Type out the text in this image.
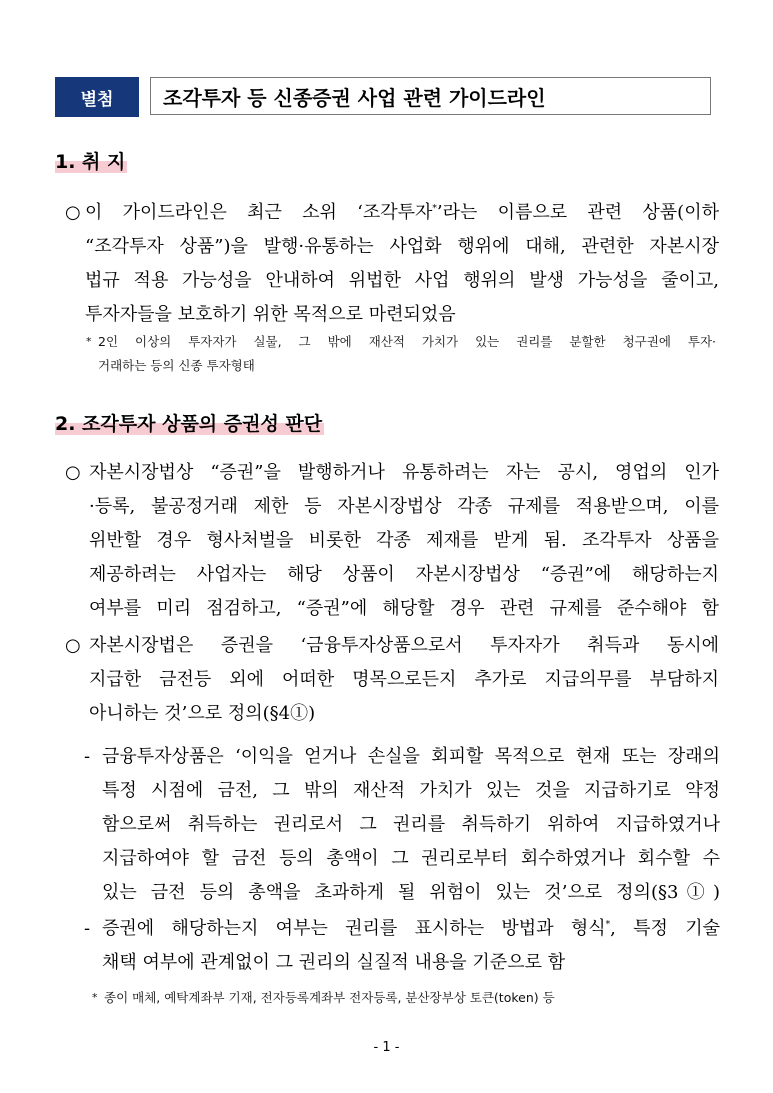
별첨	조각투자 등 신종증권 사업 관련 가이드라인
1. 취 지
○ 이 가이드라인은 최근 소위 ‘조각투자*’라는 이름으로 관련 상품(이하
“조각투자 상품”)을 발행·유통하는 사업화 행위에 대해, 관련한 자본시장
법규 적용 가능성을 안내하여 위법한 사업 행위의 발생 가능성을 줄이고,
투자자들을 보호하기 위한 목적으로 마련되었음
* 2인 이상의 투자자가 실물, 그 밖에 재산적 가치가 있는 권리를 분할한 청구권에 투자·
거래하는 등의 신종 투자형태
2. 조각투자 상품의 증권성 판단
○ 자본시장법상 “증권”을 발행하거나 유통하려는 자는 공시, 영업의 인가
·등록, 불공정거래 제한 등 자본시장법상 각종 규제를 적용받으며, 이를
위반할 경우 형사처벌을 비롯한 각종 제재를 받게 됨. 조각투자 상품을
제공하려는 사업자는 해당 상품이 자본시장법상 “증권”에 해당하는지
여부를 미리 점검하고, “증권”에 해당할 경우 관련 규제를 준수해야 함
○ 자본시장법은 증권을 ‘금융투자상품으로서 투자자가 취득과 동시에
지급한 금전등 외에 어떠한 명목으로든지 추가로 지급의무를 부담하지
아니하는 것’으로 정의(§4①)
- 금융투자상품은 ‘이익을 얻거나 손실을 회피할 목적으로 현재 또는 장래의
특정 시점에 금전, 그 밖의 재산적 가치가 있는 것을 지급하기로 약정
함으로써 취득하는 권리로서 그 권리를 취득하기 위하여 지급하였거나
지급하여야 할 금전 등의 총액이 그 권리로부터 회수하였거나 회수할 수
있는 금전 등의 총액을 초과하게 될 위험이 있는 것’으로 정의(§3①)
- 증권에 해당하는지 여부는 권리를 표시하는 방법과 형식*, 특정 기술
채택 여부에 관계없이 그 권리의 실질적 내용을 기준으로 함
* 종이 매체, 예탁계좌부 기재, 전자등록계좌부 전자등록, 분산장부상 토큰(token) 등
- 1 -
